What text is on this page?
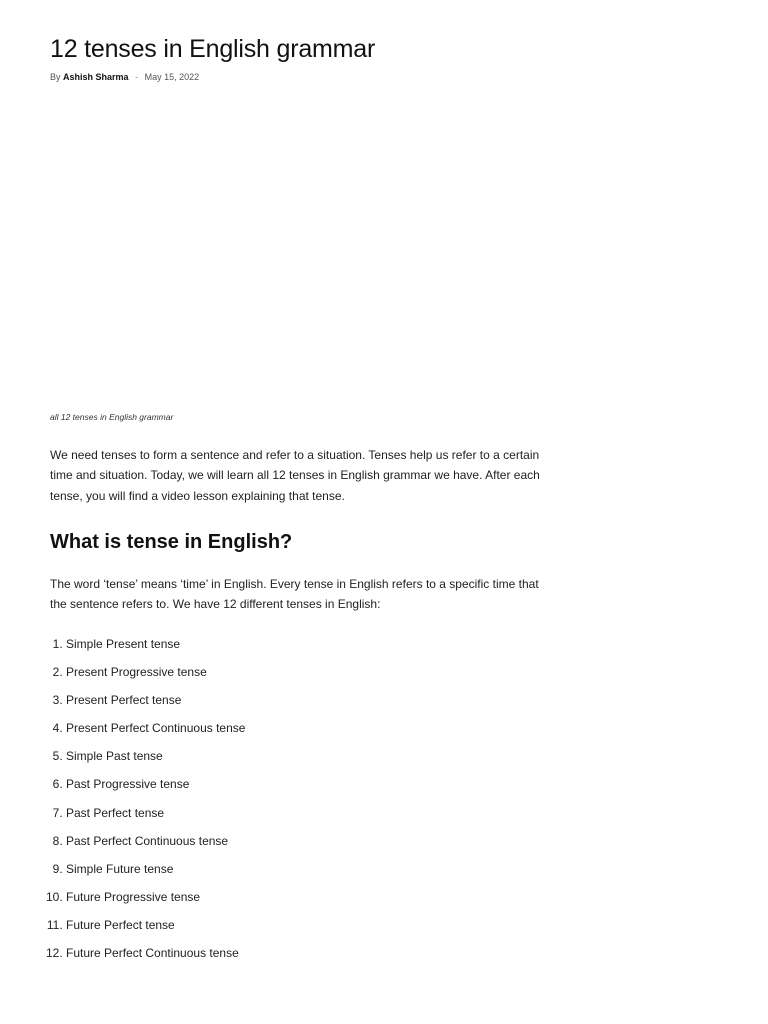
12 tenses in English grammar
By Ashish Sharma - May 15, 2022
all 12 tenses in English grammar

We need tenses to form a sentence and refer to a situation. Tenses help us refer to a certain time and situation. Today, we will learn all 12 tenses in English grammar we have. After each tense, you will find a video lesson explaining that tense.

What is tense in English?

The word ‘tense’ means ‘time’ in English. Every tense in English refers to a specific time that the sentence refers to. We have 12 different tenses in English:

1. Simple Present tense
2. Present Progressive tense
3. Present Perfect tense
4. Present Perfect Continuous tense
5. Simple Past tense
6. Past Progressive tense
7. Past Perfect tense
8. Past Perfect Continuous tense
9. Simple Future tense
10. Future Progressive tense
11. Future Perfect tense
12. Future Perfect Continuous tense
